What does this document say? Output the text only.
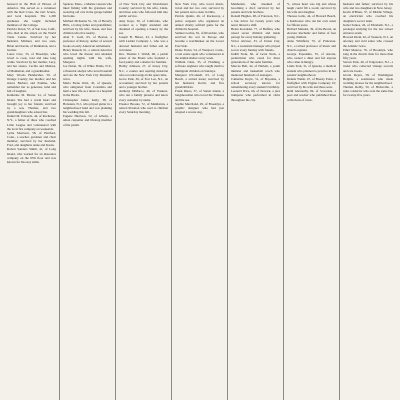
honored in the Hall of Heroes of America. She served as a volunteer with the Red Cross, the Girl Scouts, and local hospitals. The 1,200 graduates she taught included members of the College.

Patricia Dowd, 57, of San Jose, Calif., who died in the attack on the World Trade Center. Survived by her husband, Michael, and two sons, Brian and Kevin, of Manhattan, and a brother.

Laura Cruz, 33, of Brooklyn, who loved to cook, read and take long walks. Survived by her mother, Lucy, and her sisters, Cecilia and Melissa, of Manhattan, and a grandmother.

Mary Woods Hendershot, 59, of Orange County; her mother; and her sisters Barbara and Pauline, who remember her as generous, kind and full of laughter.

Katherine M. Baxter, 61, of Staten Island. She had a warm heart and brought joy to her friends; survived by a son, Thomas, and two granddaughters who adored her.

Daniel M. Edwards, 44, of Rochester, N.Y., a father of three who coached Little League and volunteered with the local fire company on weekends.

Lydia Morrison, 58, of Hartford, Conn., a teacher, gardener and choir member; survived by her husband, Fred, and daughters Anne and Karen.

Robert Sanders Smith, 41, of Long Island, who worked for an insurance company on the 97th floor and was known for his easy smile.

Spencer, Mass., a Marine veteran who liked fishing with his grandson and restoring old cars in the garage behind his home.

Michael McKenna Sr., 59, of Beverly Hills, a loving father and grandfather; survived by his wife, Susan, and four children who live nearby.

Alan T. Gold, 63, of Boston, a professor of history, author of several books on early American settlements.

Henry Russell, 61, a retired detective who loved the theater and attended opening nights with his wife, Margaret.

Joe Nolan, 39, of White Plains, N.Y., a financial analyst who loved baseball and ran the New York City Marathon twice.

Maria Elena Ortiz, 45, of Queens, who emigrated from Colombia and built a new life as a nurse at a hospital in the Bronx.

Christopher James Kelly, 38, of Hoboken, N.J., who played guitar in a neighborhood band and was planning his wedding this fall.

Eugene Harrison, 52, of Albany, a union carpenter and lifelong member of his parish.

of New York City and Westchester County; survived by his wife, Linda, and three sons who followed him into public service.

Amy Kaye, 30, of California, who worked as a flight attendant and dreamed of opening a bakery by the sea.

Joseph B. Heiser, 43, a firefighter with Ladder Company 1, who was a devoted husband and father and an avid skier.

Rev. Thomas J. Walsh, 68, a parish priest of the Bronx who founded a food pantry and a shelter for families.

Bobby Johnson, 27, of Jersey City, N.J., a courier and aspiring musician who recorded songs in his spare time.

Grace Park, 36, of Fort Lee, N.J., an accountant; survived by her parents and a younger brother.

Anthony DiMarco, 49, of Yonkers, who ran a family pizzeria and knew every customer by name.

Eleanor Brooks, 72, of Manhattan, a retired librarian who read to children every Saturday morning.

New York City, who loved music, travel and her two cats; survived by her parents and a sister in Ohio.

Patrick Quinn, 46, of Rockaway, a police sergeant who organized an annual charity softball game for the children's hospital.

Samuel Levine, 81, of Riverdale, who survived the war in Europe and became a watchmaker on the Lower East Side.

Diane Foster, 54, of Westport, Conn., a real estate agent who volunteered at the animal shelter every week.

William Chen, 35, of Flushing, a software engineer who taught math to immigrant children on Sundays.

Margaret O'Connell, 63, of Long Beach, a retired nurse; survived by her husband, Kevin, and five grandchildren.

Frank Rizzo, 57, of Staten Island, a longshoreman who loved the Yankees and the sea.

Sophie Marchand, 29, of Brooklyn, a graphic designer who had just adopted a rescue dog.

Manhattan, who dreamed of becoming a chef; survived by her parents and twin brothers.

Ronald Hughes, 48, of Paterson, N.J., a bus driver for twenty years who never missed a shift.

Helen Kowalski, 77, of Buffalo, who raised seven children and made pierogi for every holiday gathering.

Victor Alvarez, 33, of Union City, N.J., a restaurant manager who played soccer every Sunday with friends.

Judith Stein, 60, of Great Neck, a pediatrician who cared for three generations of the same families.

Marcus Bell, 42, of Harlem, a youth minister and basketball coach who mentored hundreds of teenagers.

Catherine Doyle, 51, of Bayonne, a school secretary known for remembering every student's birthday.

Leonard Price, 66, of Newark, a jazz trumpeter who performed in clubs throughout the city.

Y., whose heart was big and whose laugh could fill a room; survived by his wife and daughter.

Theresa Gallo, 44, of Howard Beach, a hairdresser who ran her own salon for fifteen years.

Richard Mendez, 39, of the Bronx, an elevator mechanic and father of four young children.

Anne Whitfield, 70, of Princeton, N.J., a retired professor of music and church organist.

George Papadakis, 55, of Astoria, who owned a diner and fed anyone who came in hungry.

Linda Tran, 31, of Queens, a medical student who planned to practice in her parents' neighborhood.

Dennis Walsh, 47, of Breezy Point, a firefighter with Engine Company 10; survived by his wife and three sons.

Ruth Abernathy, 84, of Scarsdale, a poet and teacher who published three collections of verse.

husband and father; survived by his wife and two daughters in New Jersey.

Kevin O'Brien, 37, of Middle Village, an electrician who coached his daughter's soccer team.

Isabel Santos, 26, of Elizabeth, N.J., a paralegal studying for the law school entrance exam.

Howard Klein, 62, of Teaneck, N.J., an attorney and avid sailor who crossed the Atlantic twice.

Ethel Monroe, 79, of Brooklyn, who sang in the church choir for more than fifty years.

Steven Park, 40, of Edgewater, N.J., a trader who collected vintage records and rare books.

Gloria Reyes, 58, of Washington Heights, a seamstress who made wedding dresses for the neighborhood.

Thomas Reilly, 50, of Hicksville, a train conductor who rode the same line for twenty-five years.
